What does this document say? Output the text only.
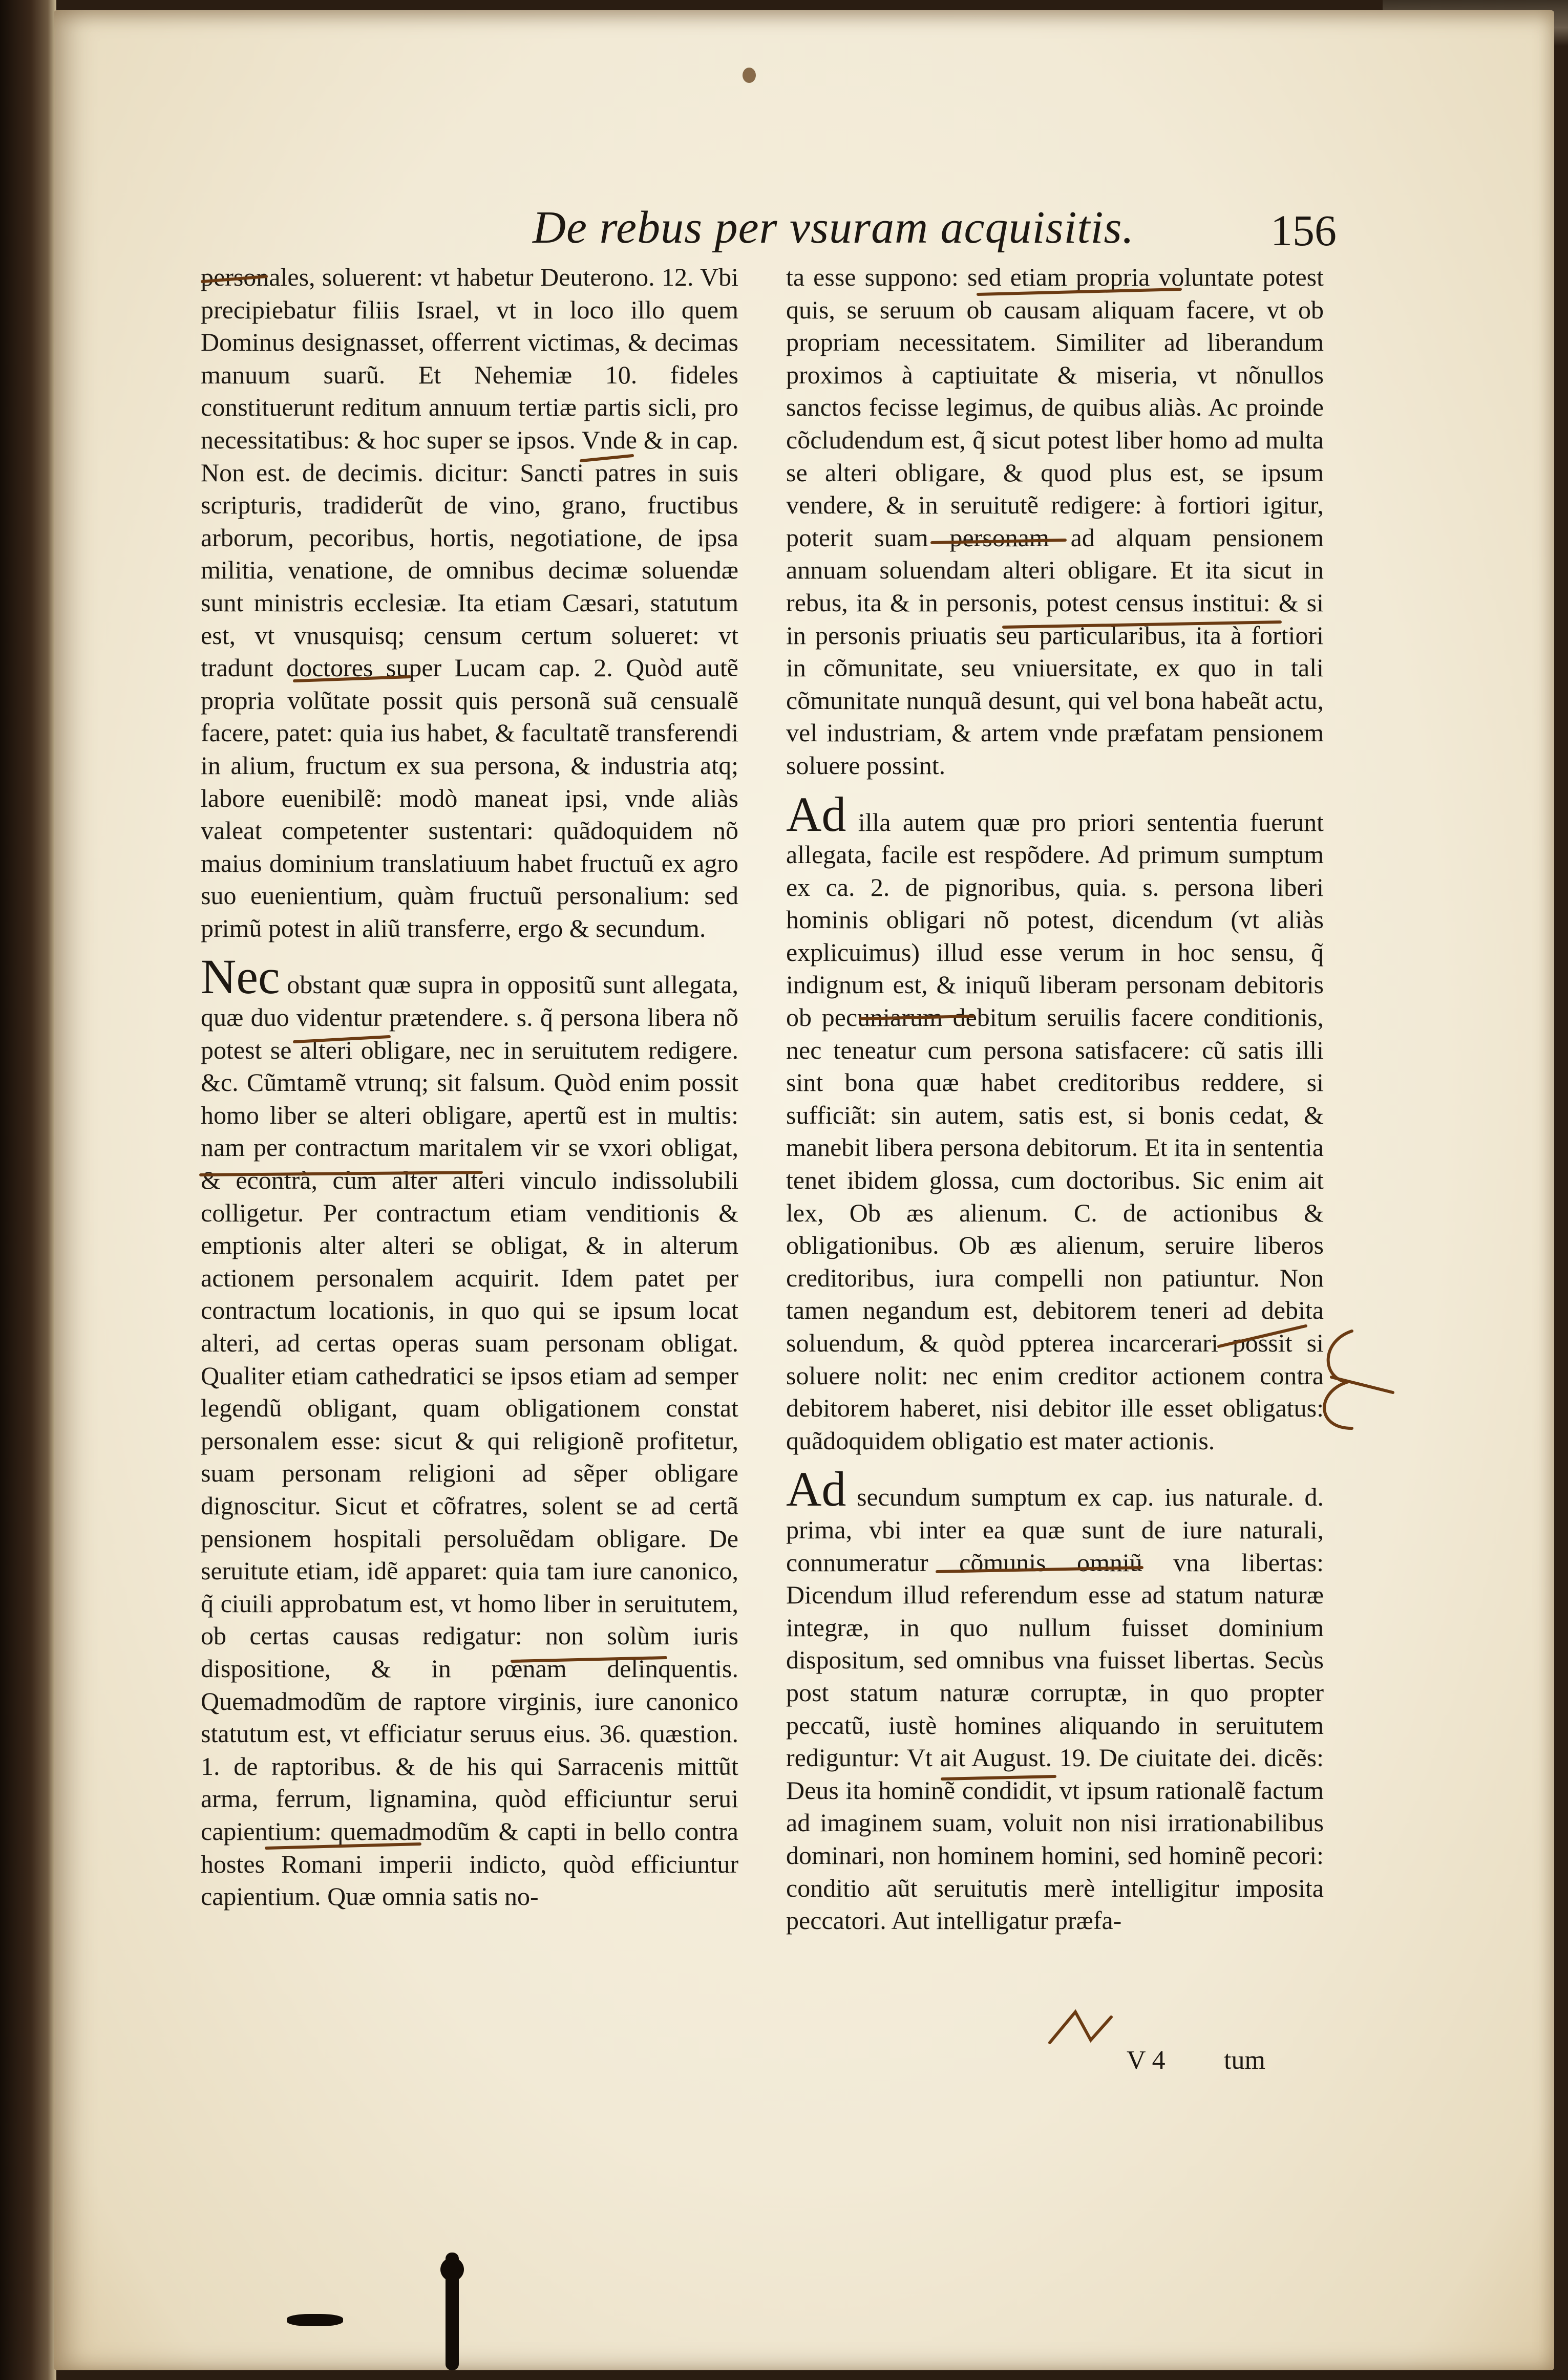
De rebus per vsuram acquisitis.	156

personales, soluerent: vt habetur Deuterono. 12. Vbi precipiebatur filiis Israel, vt in loco illo quem Dominus designasset, offerrent victimas, & decimas manuum suarũ. Et Nehemiæ 10. fideles constituerunt reditum annuum tertiæ partis sicli, pro necessitatibus: & hoc super se ipsos. Vnde & in cap. Non est. de decimis. dicitur: Sancti patres in suis scripturis, tradiderũt de vino, grano, fructibus arborum, pecoribus, hortis, negotiatione, de ipsa militia, venatione, de omnibus decimæ soluendæ sunt ministris ecclesiæ. Ita etiam Cæsari, statutum est, vt vnusquisq; censum certum solueret: vt tradunt doctores super Lucam cap. 2. Quòd autẽ propria volũtate possit quis personã suã censualẽ facere, patet: quia ius habet, & facultatẽ transferendi in alium, fructum ex sua persona, & industria atq; labore euenibilẽ: modò maneat ipsi, vnde aliàs valeat competenter sustentari: quãdoquidem nõ maius dominium translatiuum habet fructuũ ex agro suo euenientium, quàm fructuũ personalium: sed primũ potest in aliũ transferre, ergo & secundum.

Nec obstant quæ supra in oppositũ sunt allegata, quæ duo videntur prætendere. s. q̃ persona libera nõ potest se alteri obligare, nec in seruitutem redigere. &c. Cũmtamẽ vtrunq; sit falsum. Quòd enim possit homo liber se alteri obligare, apertũ est in multis: nam per contractum maritalem vir se vxori obligat, & econtrà, cùm alter alteri vinculo indissolubili colligetur. Per contractum etiam venditionis & emptionis alter alteri se obligat, & in alterum actionem personalem acquirit. Idem patet per contractum locationis, in quo qui se ipsum locat alteri, ad certas operas suam personam obligat. Qualiter etiam cathedratici se ipsos etiam ad semper legendũ obligant, quam obligationem constat personalem esse: sicut & qui religionẽ profitetur, suam personam religioni ad sẽper obligare dignoscitur. Sicut et cõfratres, solent se ad certã pensionem hospitali persoluẽdam obligare. De seruitute etiam, idẽ apparet: quia tam iure canonico, q̃ ciuili approbatum est, vt homo liber in seruitutem, ob certas causas redigatur: non solùm iuris dispositione, & in pœnam delinquentis. Quemadmodũm de raptore virginis, iure canonico statutum est, vt efficiatur seruus eius. 36. quæstion. 1. de raptoribus. & de his qui Sarracenis mittũt arma, ferrum, lignamina, quòd efficiuntur serui capientium: quemadmodũm & capti in bello contra hostes Romani imperii indicto, quòd efficiuntur capientium. Quæ omnia satis no-

ta esse suppono: sed etiam propria voluntate potest quis, se seruum ob causam aliquam facere, vt ob propriam necessitatem. Similiter ad liberandum proximos à captiuitate & miseria, vt nõnullos sanctos fecisse legimus, de quibus aliàs. Ac proinde cõcludendum est, q̃ sicut potest liber homo ad multa se alteri obligare, & quod plus est, se ipsum vendere, & in seruitutẽ redigere: à fortiori igitur, poterit suam personam ad alquam pensionem annuam soluendam alteri obligare. Et ita sicut in rebus, ita & in personis, potest census institui: & si in personis priuatis seu particularibus, ita à fortiori in cõmunitate, seu vniuersitate, ex quo in tali cõmunitate nunquã desunt, qui vel bona habeãt actu, vel industriam, & artem vnde præfatam pensionem soluere possint.

Ad illa autem quæ pro priori sententia fuerunt allegata, facile est respõdere. Ad primum sumptum ex ca. 2. de pignoribus, quia. s. persona liberi hominis obligari nõ potest, dicendum (vt aliàs explicuimus) illud esse verum in hoc sensu, q̃ indignum est, & iniquũ liberam personam debitoris ob pecuniarum debitum seruilis facere conditionis, nec teneatur cum persona satisfacere: cũ satis illi sint bona quæ habet creditoribus reddere, si sufficiãt: sin autem, satis est, si bonis cedat, & manebit libera persona debitorum. Et ita in sententia tenet ibidem glossa, cum doctoribus. Sic enim ait lex, Ob æs alienum. C. de actionibus & obligationibus. Ob æs alienum, seruire liberos creditoribus, iura compelli non patiuntur. Non tamen negandum est, debitorem teneri ad debita soluendum, & quòd ppterea incarcerari possit si soluere nolit: nec enim creditor actionem contra debitorem haberet, nisi debitor ille esset obligatus: quãdoquidem obligatio est mater actionis.

Ad secundum sumptum ex cap. ius naturale. d. prima, vbi inter ea quæ sunt de iure naturali, connumeratur cõmunis omniũ vna libertas: Dicendum illud referendum esse ad statum naturæ integræ, in quo nullum fuisset dominium dispositum, sed omnibus vna fuisset libertas. Secùs post statum naturæ corruptæ, in quo propter peccatũ, iustè homines aliquando in seruitutem rediguntur: Vt ait August. 19. De ciuitate dei. dicẽs: Deus ita hominẽ condidit, vt ipsum rationalẽ factum ad imaginem suam, voluit non nisi irrationabilibus dominari, non hominem homini, sed hominẽ pecori: conditio aũt seruitutis merè intelligitur imposita peccatori. Aut intelligatur præfa-

V 4	tum
